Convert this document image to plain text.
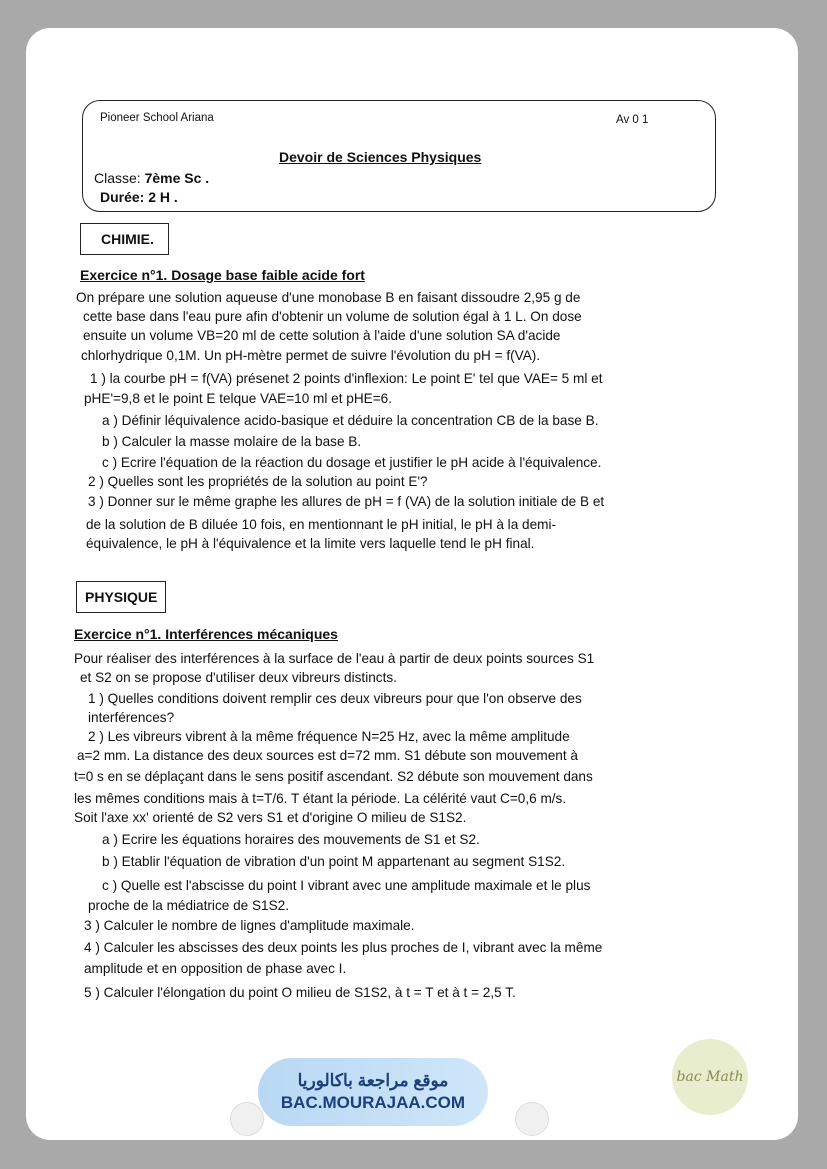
Pioneer School Ariana	Av 0 1
Devoir de Sciences Physiques
Classe: 7ème Sc .
Durée: 2 H .
CHIMIE.
Exercice n°1. Dosage base faible acide fort
On prépare une solution aqueuse d'une monobase B en faisant dissoudre 2,95 g de
cette base dans l'eau pure afin d'obtenir un volume de solution égal à 1 L. On dose
ensuite un volume VB=20 ml de cette solution à l'aide d'une solution SA d'acide
chlorhydrique 0,1M. Un pH-mètre permet de suivre l'évolution du pH = f(VA).
1 ) la courbe pH = f(VA) présenet 2 points d'inflexion: Le point E' tel que VAE= 5 ml et
pHE'=9,8 et le point E telque VAE=10 ml et pHE=6.
a ) Définir léquivalence acido-basique et déduire la concentration CB de la base B.
b ) Calculer la masse molaire de la base B.
c ) Ecrire l'équation de la réaction du dosage et justifier le pH acide à l'équivalence.
2 ) Quelles sont les propriétés de la solution au point E'?
3 ) Donner sur le même graphe les allures de pH = f (VA) de la solution initiale de B et
de la solution de B diluée 10 fois, en mentionnant le pH initial, le pH à la demi-
équivalence, le pH à l'équivalence et la limite vers laquelle tend le pH final.
PHYSIQUE
Exercice n°1. Interférences mécaniques
Pour réaliser des interférences à la surface de l'eau à partir de deux points sources S1
et S2 on se propose d'utiliser deux vibreurs distincts.
1 ) Quelles conditions doivent remplir ces deux vibreurs pour que l'on observe des
interférences?
2 ) Les vibreurs vibrent à la même fréquence N=25 Hz, avec la même amplitude
a=2 mm. La distance des deux sources est d=72 mm. S1 débute son mouvement à
t=0 s en se déplaçant dans le sens positif ascendant. S2 débute son mouvement dans
les mêmes conditions mais à t=T/6. T étant la période. La célérité vaut C=0,6 m/s.
Soit l'axe xx' orienté de S2 vers S1 et d'origine O milieu de S1S2.
a ) Ecrire les équations horaires des mouvements de S1 et S2.
b ) Etablir l'équation de vibration d'un point M appartenant au segment S1S2.
c ) Quelle est l'abscisse du point I vibrant avec une amplitude maximale et le plus
proche de la médiatrice de S1S2.
3 ) Calculer le nombre de lignes d'amplitude maximale.
4 ) Calculer les abscisses des deux points les plus proches de I, vibrant avec la même
amplitude et en opposition de phase avec I.
5 ) Calculer l'élongation du point O milieu de S1S2, à t = T et à t = 2,5 T.
موقع مراجعة باكالوريا
BAC.MOURAJAA.COM
bac Math
